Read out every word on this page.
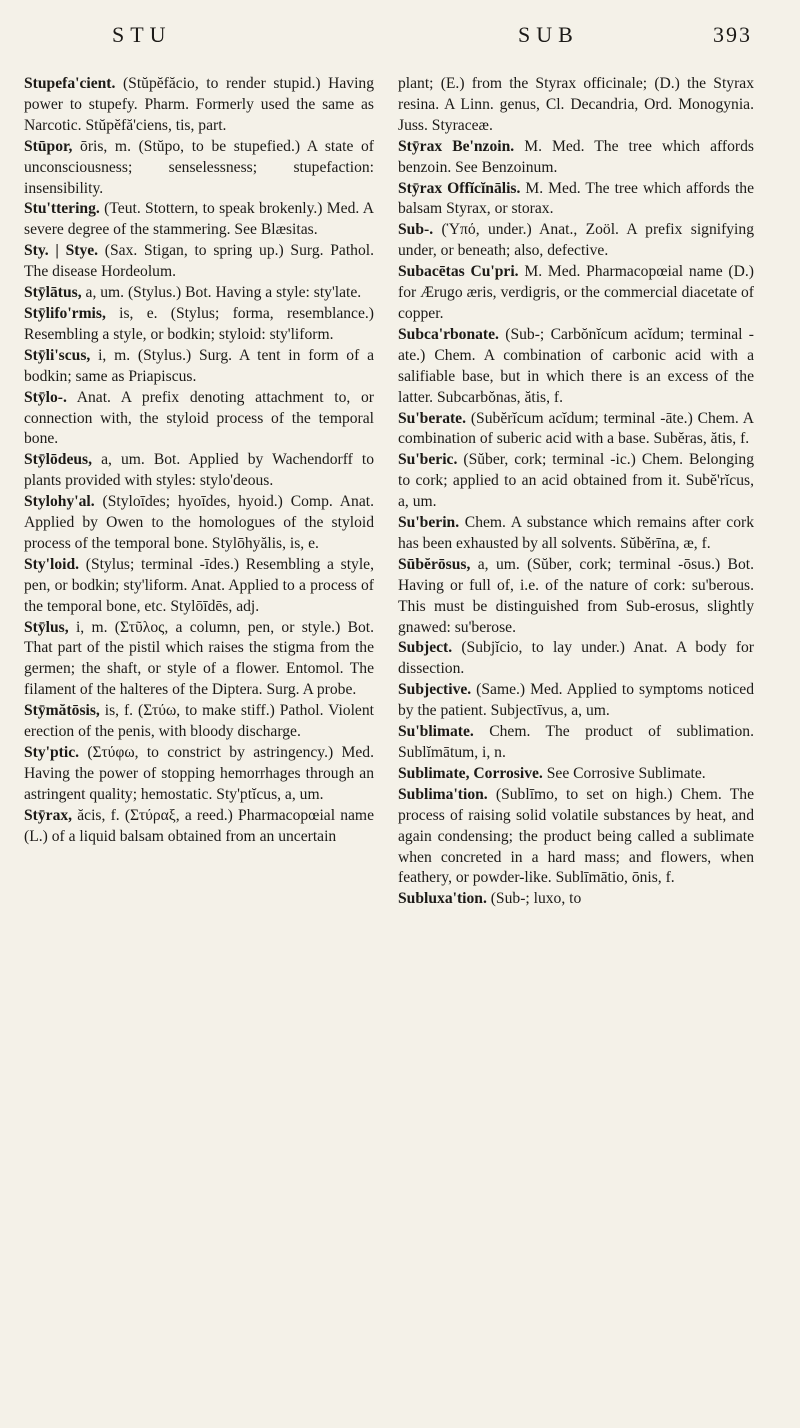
STU	SUB	393

Stupefa'cient. (Stŭpĕfăcio, to render stupid.) Having power to stupefy. Pharm. Formerly used the same as Narcotic. Stŭpĕfă'ciens, tis, part.

Stūpor, ōris, m. (Stŭpo, to be stupefied.) A state of unconsciousness; senselessness; stupefaction: insensibility.

Stu'ttering. (Teut. Stottern, to speak brokenly.) Med. A severe degree of the stammering. See Blæsitas.

Sty. | Stye. (Sax. Stigan, to spring up.) Surg. Pathol. The disease Hordeolum.

Stȳlātus, a, um. (Stylus.) Bot. Having a style: sty'late.

Stȳlifo'rmis, is, e. (Stylus; forma, resemblance.) Resembling a style, or bodkin; styloid: sty'liform.

Stȳli'scus, i, m. (Stylus.) Surg. A tent in form of a bodkin; same as Priapiscus.

Stȳlo-. Anat. A prefix denoting attachment to, or connection with, the styloid process of the temporal bone.

Stȳlōdeus, a, um. Bot. Applied by Wachendorff to plants provided with styles: stylo'deous.

Stylohy'al. (Styloīdes; hyoīdes, hyoid.) Comp. Anat. Applied by Owen to the homologues of the styloid process of the temporal bone. Stylōhyălis, is, e.

Sty'loid. (Stylus; terminal -īdes.) Resembling a style, pen, or bodkin; sty'liform. Anat. Applied to a process of the temporal bone, etc. Stylōīdēs, adj.

Stȳlus, i, m. (Στῦλος, a column, pen, or style.) Bot. That part of the pistil which raises the stigma from the germen; the shaft, or style of a flower. Entomol. The filament of the halteres of the Diptera. Surg. A probe.

Stȳmătōsis, is, f. (Στύω, to make stiff.) Pathol. Violent erection of the penis, with bloody discharge.

Sty'ptic. (Στύφω, to constrict by astringency.) Med. Having the power of stopping hemorrhages through an astringent quality; hemostatic. Sty'ptĭcus, a, um.

Stȳrax, ăcis, f. (Στύραξ, a reed.) Pharmacopœial name (L.) of a liquid balsam obtained from an uncertain

plant; (E.) from the Styrax officinale; (D.) the Styrax resina. A Linn. genus, Cl. Decandria, Ord. Monogynia. Juss. Styraceæ.

Stȳrax Be'nzoin. M. Med. The tree which affords benzoin. See Benzoinum.

Stȳrax Offĭcĭnālis. M. Med. The tree which affords the balsam Styrax, or storax.

Sub-. (Ὑπό, under.) Anat., Zoöl. A prefix signifying under, or beneath; also, defective.

Subacētas Cu'pri. M. Med. Pharmacopœial name (D.) for Ærugo æris, verdigris, or the commercial diacetate of copper.

Subca'rbonate. (Sub-; Carbŏnĭcum acĭdum; terminal -ate.) Chem. A combination of carbonic acid with a salifiable base, but in which there is an excess of the latter. Subcarbŏnas, ătis, f.

Su'berate. (Subĕrĭcum acĭdum; terminal -āte.) Chem. A combination of suberic acid with a base. Subĕras, ătis, f.

Su'beric. (Sŭber, cork; terminal -ic.) Chem. Belonging to cork; applied to an acid obtained from it. Subĕ'rĭcus, a, um.

Su'berin. Chem. A substance which remains after cork has been exhausted by all solvents. Sŭbĕrīna, æ, f.

Sūbĕrōsus, a, um. (Sŭber, cork; terminal -ōsus.) Bot. Having or full of, i.e. of the nature of cork: su'berous. This must be distinguished from Sub-erosus, slightly gnawed: su'berose.

Subject. (Subjĭcio, to lay under.) Anat. A body for dissection.

Subjective. (Same.) Med. Applied to symptoms noticed by the patient. Subjectīvus, a, um.

Su'blimate. Chem. The product of sublimation. Sublĭmātum, i, n.

Sublimate, Corrosive. See Corrosive Sublimate.

Sublima'tion. (Sublīmo, to set on high.) Chem. The process of raising solid volatile substances by heat, and again condensing; the product being called a sublimate when concreted in a hard mass; and flowers, when feathery, or powder-like. Sublīmātio, ōnis, f.

Subluxa'tion. (Sub-; luxo, to
